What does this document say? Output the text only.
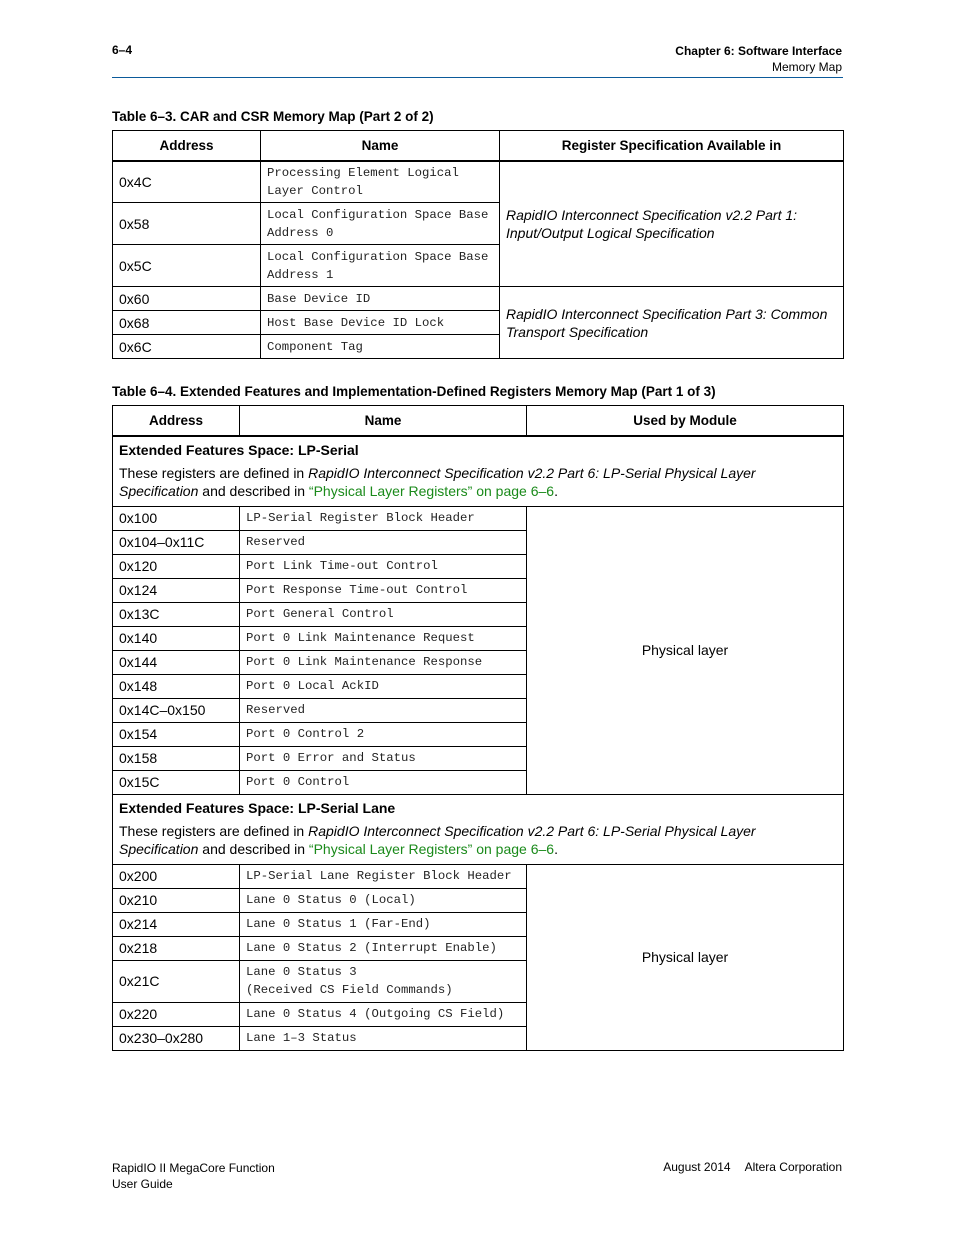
6–4	Chapter 6: Software Interface
Memory Map
Table 6–3. CAR and CSR Memory Map (Part 2 of 2)
Address	Name	Register Specification Available in
0x4C	Processing Element Logical
Layer Control	RapidIO Interconnect Specification v2.2 Part 1:
Input/Output Logical Specification
0x58	Local Configuration Space Base
Address 0	
0x5C	Local Configuration Space Base
Address 1	
0x60	Base Device ID	RapidIO Interconnect Specification Part 3: Common
Transport Specification
0x68	Host Base Device ID Lock	
0x6C	Component Tag	
Table 6–4. Extended Features and Implementation-Defined Registers Memory Map (Part 1 of 3)
Address	Name	Used by Module

Extended Features Space: LP-Serial
These registers are defined in RapidIO Interconnect Specification v2.2 Part 6: LP-Serial Physical Layer Specification and described in “Physical Layer Registers” on page 6–6.		
0x100	LP-Serial Register Block Header	Physical layer
0x104–0x11C	Reserved	
0x120	Port Link Time-out Control	
0x124	Port Response Time-out Control	
0x13C	Port General Control	
0x140	Port 0 Link Maintenance Request	
0x144	Port 0 Link Maintenance Response	
0x148	Port 0 Local AckID	
0x14C–0x150	Reserved	
0x154	Port 0 Control 2	
0x158	Port 0 Error and Status	
0x15C	Port 0 Control	

Extended Features Space: LP-Serial Lane
These registers are defined in RapidIO Interconnect Specification v2.2 Part 6: LP-Serial Physical Layer Specification and described in “Physical Layer Registers” on page 6–6.		
0x200	LP-Serial Lane Register Block Header	Physical layer
0x210	Lane 0 Status 0 (Local)	
0x214	Lane 0 Status 1 (Far-End)	
0x218	Lane 0 Status 2 (Interrupt Enable)	
0x21C	Lane 0 Status 3
(Received CS Field Commands)	
0x220	Lane 0 Status 4 (Outgoing CS Field)	
0x230–0x280	Lane 1–3 Status	
RapidIO II MegaCore Function
User Guide
August 2014 Altera Corporation
